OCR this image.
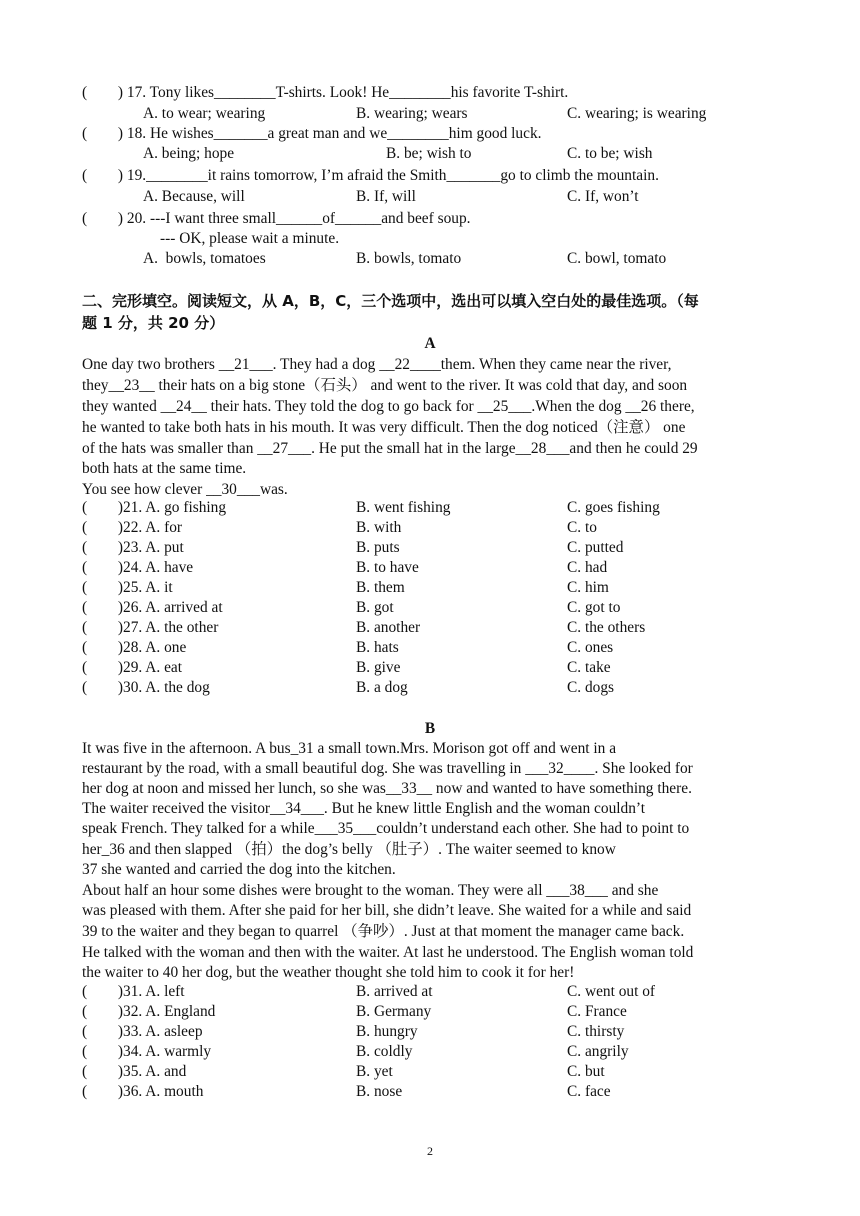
(        ) 17. Tony likes________T-shirts. Look! He________his favorite T-shirt.
A. to wear; wearing	B. wearing; wears	C. wearing; is wearing
(        ) 18. He wishes_______a great man and we________him good luck.
A. being; hope	B. be; wish to	C. to be; wish
(        ) 19.________it rains tomorrow, I’m afraid the Smith_______go to climb the mountain.
A. Because, will	B. If, will	C. If, won’t
(        ) 20. ---I want three small______of______and beef soup.
--- OK, please wait a minute.
A.  bowls, tomatoes	B. bowls, tomato	C. bowl, tomato
二、完形填空。阅读短文，从 A，B，C，三个选项中，选出可以填入空白处的最佳选项。（每
题 1 分，共 20 分）
A
One day two brothers __21___. They had a dog __22____them. When they came near the river,
they__23__ their hats on a big stone（石头） and went to the river. It was cold that day, and soon
they wanted __24__ their hats. They told the dog to go back for __25___.When the dog __26 there,
he wanted to take both hats in his mouth. It was very difficult. Then the dog noticed（注意） one
of the hats was smaller than __27___. He put the small hat in the large__28___and then he could 29
both hats at the same time.
You see how clever __30___was.
(        )21. A. go fishing	B. went fishing	C. goes fishing
(        )22. A. for	B. with	C. to
(        )23. A. put	B. puts	C. putted
(        )24. A. have	B. to have	C. had
(        )25. A. it	B. them	C. him
(        )26. A. arrived at	B. got	C. got to
(        )27. A. the other	B. another	C. the others
(        )28. A. one	B. hats	C. ones
(        )29. A. eat	B. give	C. take
(        )30. A. the dog	B. a dog	C. dogs
B
It was five in the afternoon. A bus_31 a small town.Mrs. Morison got off and went in a
restaurant by the road, with a small beautiful dog. She was travelling in ___32____. She looked for
her dog at noon and missed her lunch, so she was__33__ now and wanted to have something there.
The waiter received the visitor__34___. But he knew little English and the woman couldn’t
speak French. They talked for a while___35___couldn’t understand each other. She had to point to
her_36 and then slapped （拍）the dog’s belly （肚子）. The waiter seemed to know
37 she wanted and carried the dog into the kitchen.
About half an hour some dishes were brought to the woman. They were all ___38___ and she
was pleased with them. After she paid for her bill, she didn’t leave. She waited for a while and said
39 to the waiter and they began to quarrel （争吵）. Just at that moment the manager came back.
He talked with the woman and then with the waiter. At last he understood. The English woman told
the waiter to 40 her dog, but the weather thought she told him to cook it for her!
(        )31. A. left	B. arrived at	C. went out of
(        )32. A. England	B. Germany	C. France
(        )33. A. asleep	B. hungry	C. thirsty
(        )34. A. warmly	B. coldly	C. angrily
(        )35. A. and	B. yet	C. but
(        )36. A. mouth	B. nose	C. face
2
